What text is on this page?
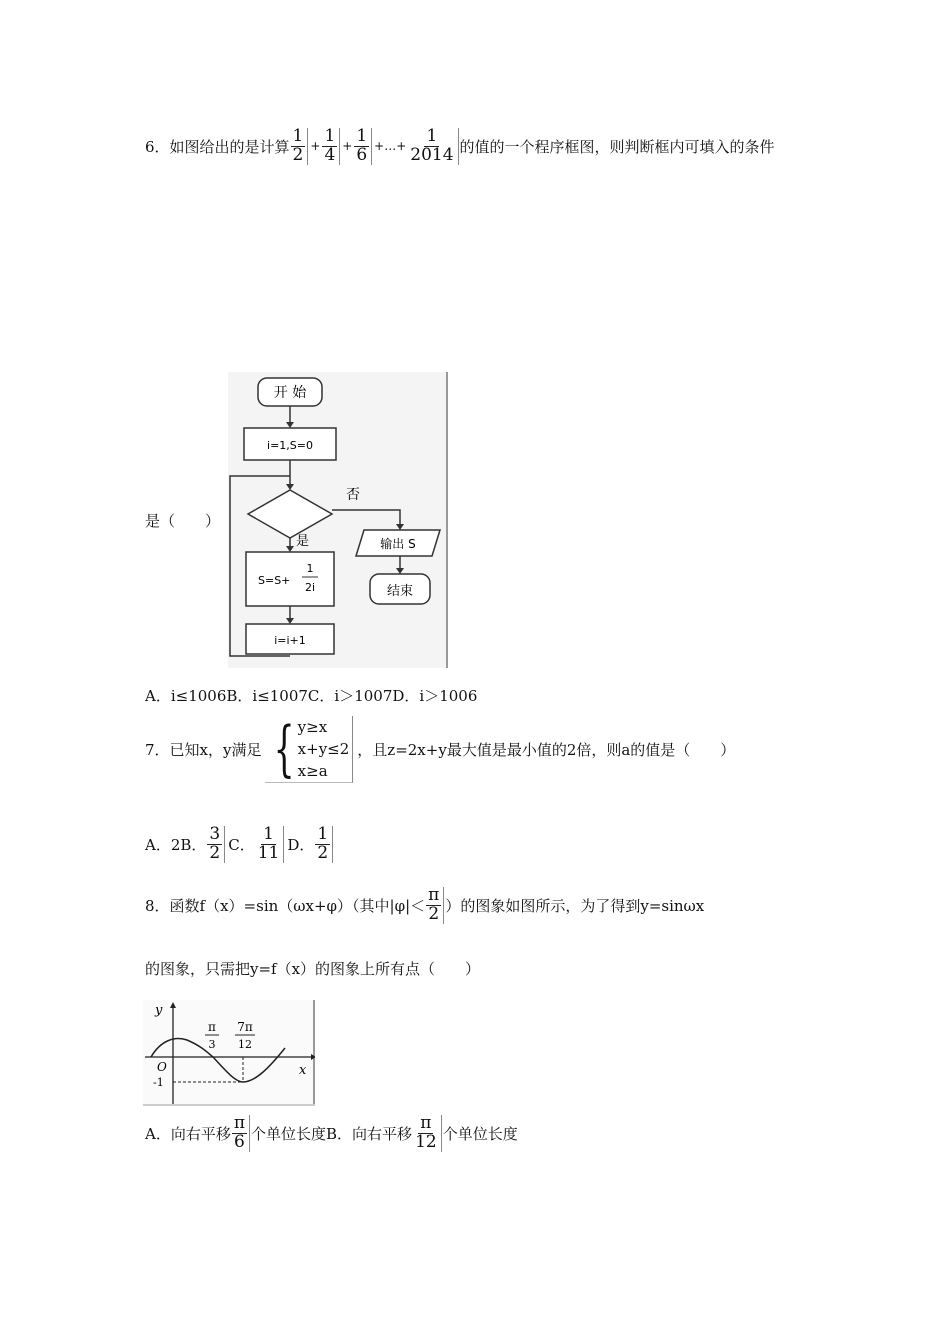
6．如图给出的是计算 $\frac{1}{2} + \frac{1}{4} + \frac{1}{6}$ +…+ $\frac{1}{2014}$ 的值的一个程序框图，则判断框内可填入的条件
是（　　）
开 始
i=1,S=0
否
是
S=S+
1
2i
i=i+1
输出 S
结束
A．i≤1006B．i≤1007C．i＞1007D．i＞1006
7．已知x，y满足 { y≥x
x+y≤2
x≥a
，且z=2x+y最大值是最小值的2倍，则a的值是（　　）
A．2B． $\frac{3}{2}$ C． $\frac{1}{11}$ D． $\frac{1}{2}$
8．函数f（x）=sin（ωx+φ）（其中$|\varphi|< \frac{\pi}{2}$ ）的图象如图所示，为了得到y=sinωx
的图象，只需把y=f（x）的图象上所有点（　　）
y
x
O
-1
π
3
7π
12
A．向右平移 $\frac{\pi}{6}$ 个单位长度B．向右平移 $\frac{\pi}{12}$ 个单位长度
